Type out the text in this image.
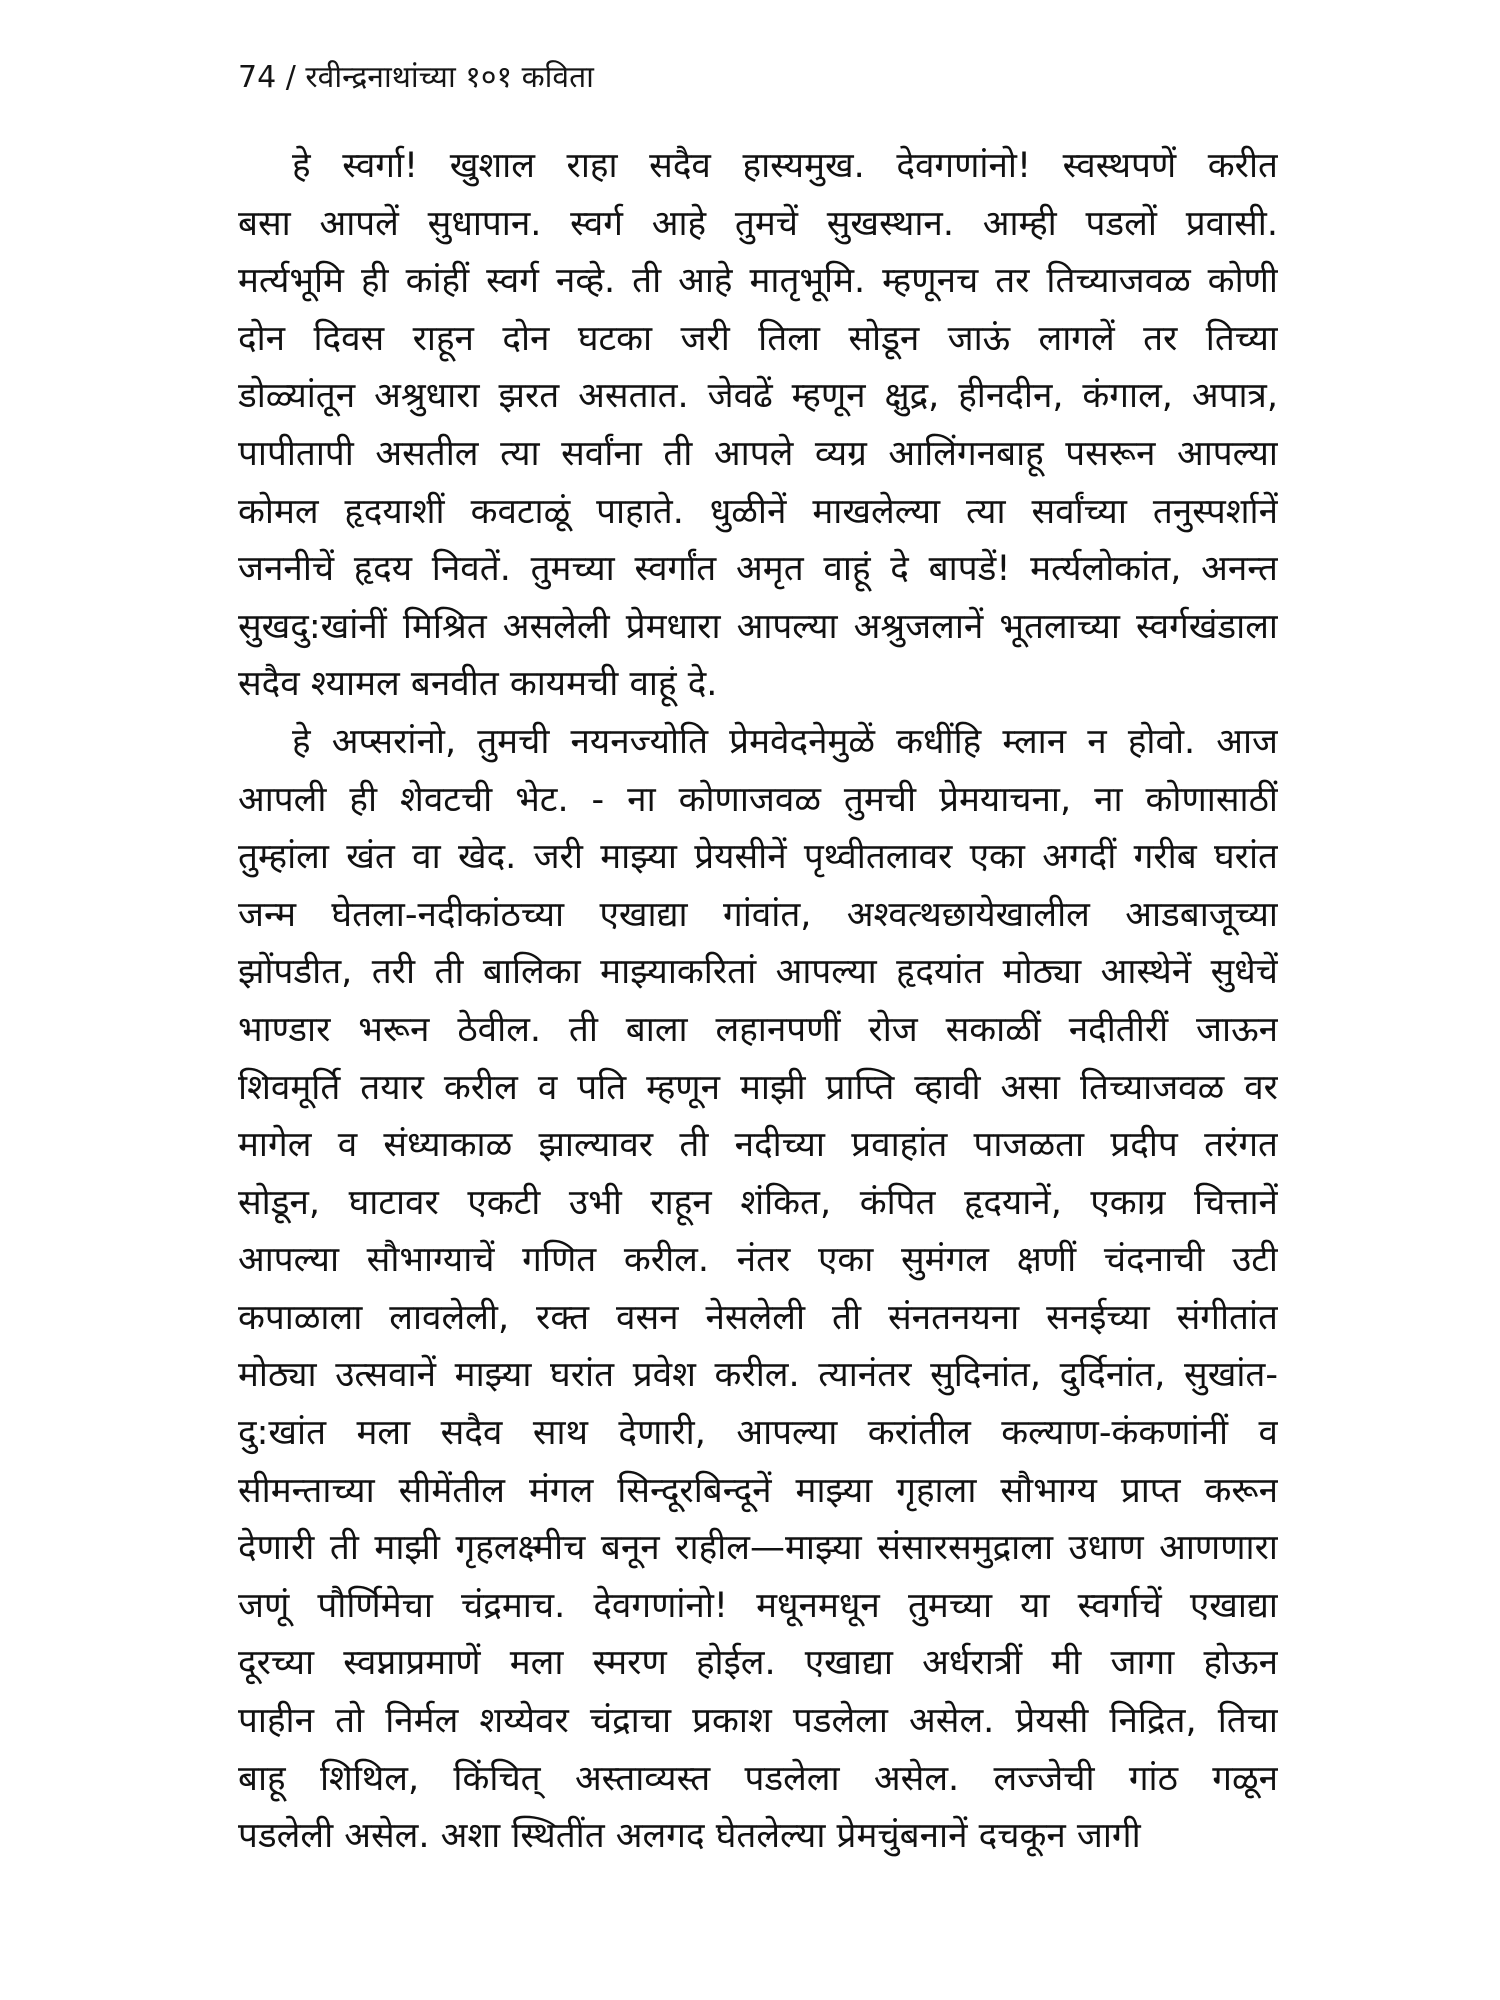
74 / रवीन्द्रनाथांच्या १०१ कविता
हे स्वर्गा! खुशाल राहा सदैव हास्यमुख. देवगणांनो! स्वस्थपणें करीत
बसा आपलें सुधापान. स्वर्ग आहे तुमचें सुखस्थान. आम्ही पडलों प्रवासी.
मर्त्यभूमि ही कांहीं स्वर्ग नव्हे. ती आहे मातृभूमि. म्हणूनच तर तिच्याजवळ कोणी
दोन दिवस राहून दोन घटका जरी तिला सोडून जाऊं लागलें तर तिच्या
डोळ्यांतून अश्रुधारा झरत असतात. जेवढें म्हणून क्षुद्र, हीनदीन, कंगाल, अपात्र,
पापीतापी असतील त्या सर्वांना ती आपले व्यग्र आलिंगनबाहू पसरून आपल्या
कोमल हृदयाशीं कवटाळूं पाहाते. धुळीनें माखलेल्या त्या सर्वांच्या तनुस्पर्शानें
जननीचें हृदय निवतें. तुमच्या स्वर्गांत अमृत वाहूं दे बापडें! मर्त्यलोकांत, अनन्त
सुखदु:खांनीं मिश्रित असलेली प्रेमधारा आपल्या अश्रुजलानें भूतलाच्या स्वर्गखंडाला
सदैव श्यामल बनवीत कायमची वाहूं दे.
हे अप्सरांनो, तुमची नयनज्योति प्रेमवेदनेमुळें कधींहि म्लान न होवो. आज
आपली ही शेवटची भेट. - ना कोणाजवळ तुमची प्रेमयाचना, ना कोणासाठीं
तुम्हांला खंत वा खेद. जरी माझ्या प्रेयसीनें पृथ्वीतलावर एका अगदीं गरीब घरांत
जन्म घेतला-नदीकांठच्या एखाद्या गांवांत, अश्वत्थछायेखालील आडबाजूच्या
झोंपडीत, तरी ती बालिका माझ्याकरितां आपल्या हृदयांत मोठ्या आस्थेनें सुधेचें
भाण्डार भरून ठेवील. ती बाला लहानपणीं रोज सकाळीं नदीतीरीं जाऊन
शिवमूर्ति तयार करील व पति म्हणून माझी प्राप्ति व्हावी असा तिच्याजवळ वर
मागेल व संध्याकाळ झाल्यावर ती नदीच्या प्रवाहांत पाजळता प्रदीप तरंगत
सोडून, घाटावर एकटी उभी राहून शंकित, कंपित हृदयानें, एकाग्र चित्तानें
आपल्या सौभाग्याचें गणित करील. नंतर एका सुमंगल क्षणीं चंदनाची उटी
कपाळाला लावलेली, रक्त वसन नेसलेली ती संनतनयना सनईच्या संगीतांत
मोठ्या उत्सवानें माझ्या घरांत प्रवेश करील. त्यानंतर सुदिनांत, दुर्दिनांत, सुखांत-
दु:खांत मला सदैव साथ देणारी, आपल्या करांतील कल्याण-कंकणांनीं व
सीमन्ताच्या सीमेंतील मंगल सिन्दूरबिन्दूनें माझ्या गृहाला सौभाग्य प्राप्त करून
देणारी ती माझी गृहलक्ष्मीच बनून राहील—माझ्या संसारसमुद्राला उधाण आणणारा
जणूं पौर्णिमेचा चंद्रमाच. देवगणांनो! मधूनमधून तुमच्या या स्वर्गाचें एखाद्या
दूरच्या स्वप्नाप्रमाणें मला स्मरण होईल. एखाद्या अर्धरात्रीं मी जागा होऊन
पाहीन तो निर्मल शय्येवर चंद्राचा प्रकाश पडलेला असेल. प्रेयसी निद्रित, तिचा
बाहू शिथिल, किंचित् अस्ताव्यस्त पडलेला असेल. लज्जेची गांठ गळून
पडलेली असेल. अशा स्थितींत अलगद घेतलेल्या प्रेमचुंबनानें दचकून जागी
